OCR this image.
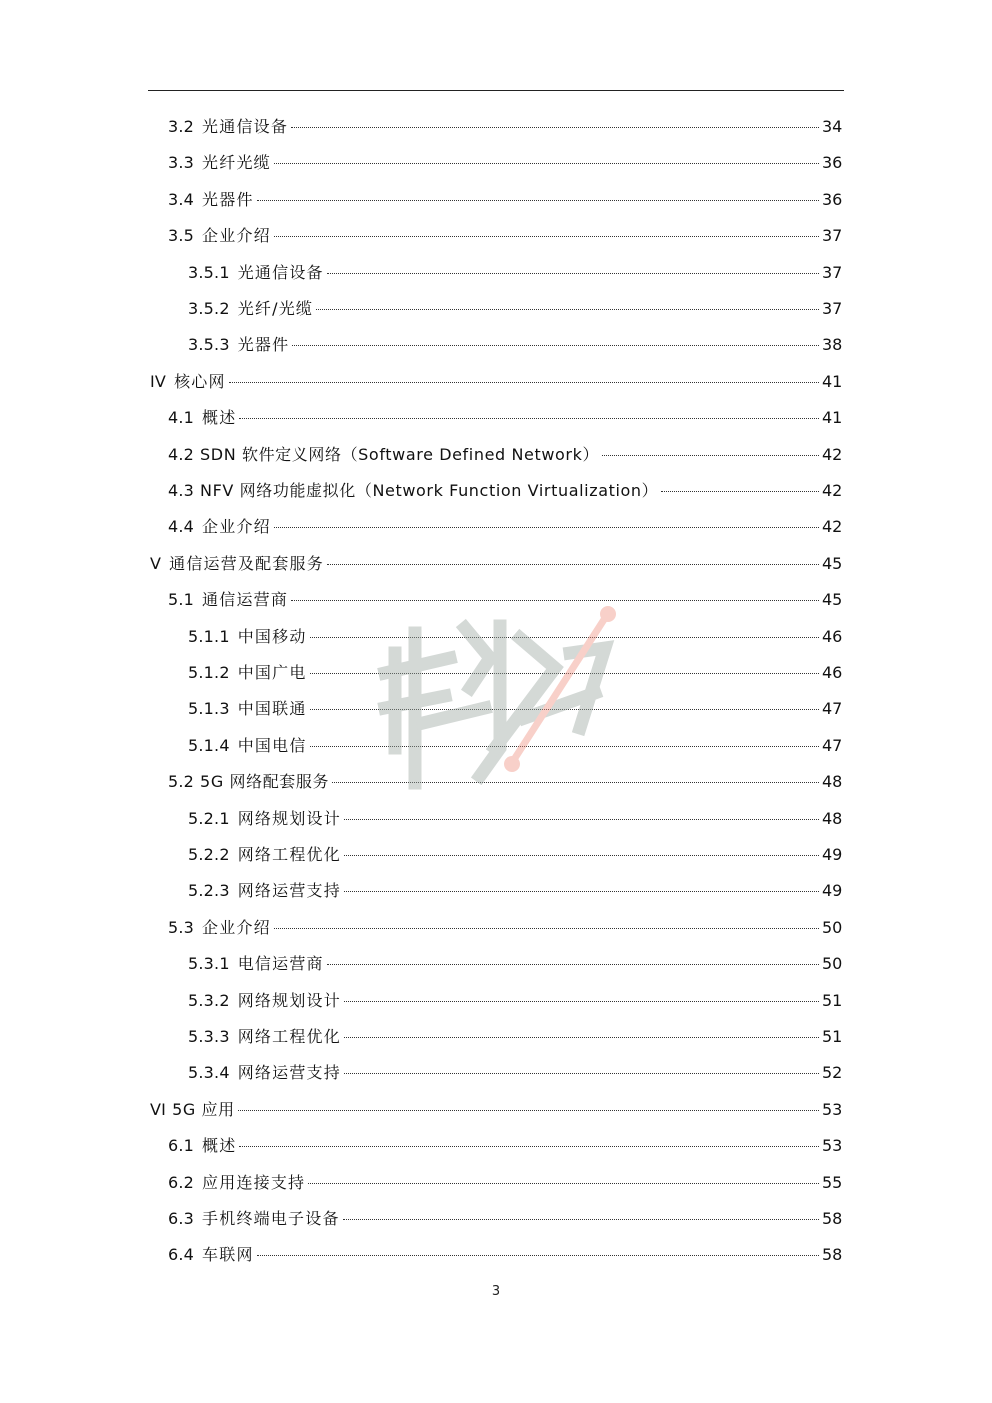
3.2 光通信设备	34
3.3 光纤光缆	36
3.4 光器件	36
3.5 企业介绍	37
3.5.1 光通信设备	37
3.5.2 光纤/光缆	37
3.5.3 光器件	38
IV 核心网	41
4.1 概述	41
4.2 SDN 软件定义网络（Software Defined Network）	42
4.3 NFV 网络功能虚拟化（Network Function Virtualization）	42
4.4 企业介绍	42
V 通信运营及配套服务	45
5.1 通信运营商	45
5.1.1 中国移动	46
5.1.2 中国广电	46
5.1.3 中国联通	47
5.1.4 中国电信	47
5.2 5G 网络配套服务	48
5.2.1 网络规划设计	48
5.2.2 网络工程优化	49
5.2.3 网络运营支持	49
5.3 企业介绍	50
5.3.1 电信运营商	50
5.3.2 网络规划设计	51
5.3.3 网络工程优化	51
5.3.4 网络运营支持	52
VI 5G 应用	53
6.1 概述	53
6.2 应用连接支持	55
6.3 手机终端电子设备	58
6.4 车联网	58
3
